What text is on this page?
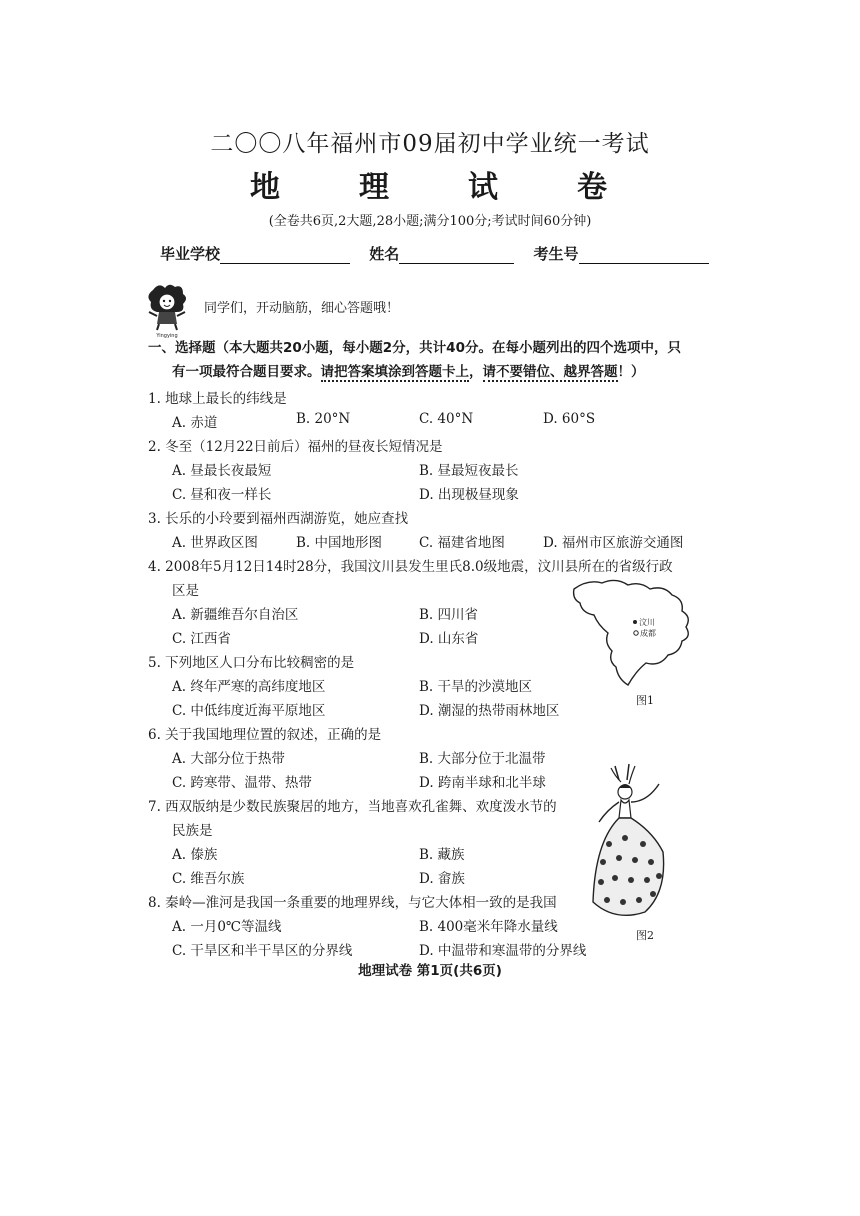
二〇〇八年福州市09届初中学业统一考试
地	理	试	卷
(全卷共6页,2大题,28小题;满分100分;考试时间60分钟)
毕业学校	姓名	考生号
Yingying
同学们，开动脑筋，细心答题哦！
一、选择题（本大题共20小题，每小题2分，共计40分。在每小题列出的四个选项中，只
有一项最符合题目要求。请把答案填涂到答题卡上，请不要错位、越界答题！）
1. 地球上最长的纬线是
A. 赤道	B. 20°N	C. 40°N	D. 60°S
2. 冬至（12月22日前后）福州的昼夜长短情况是
A. 昼最长夜最短	B. 昼最短夜最长
C. 昼和夜一样长	D. 出现极昼现象
3. 长乐的小玲要到福州西湖游览，她应查找
A. 世界政区图	B. 中国地形图	C. 福建省地图	D. 福州市区旅游交通图
4. 2008年5月12日14时28分，我国汶川县发生里氏8.0级地震，汶川县所在的省级行政
区是
A. 新疆维吾尔自治区	B. 四川省
C. 江西省	D. 山东省
汶川
成都
图1
5. 下列地区人口分布比较稠密的是
A. 终年严寒的高纬度地区	B. 干旱的沙漠地区
C. 中低纬度近海平原地区	D. 潮湿的热带雨林地区
6. 关于我国地理位置的叙述，正确的是
A. 大部分位于热带	B. 大部分位于北温带
C. 跨寒带、温带、热带	D. 跨南半球和北半球
图2
7. 西双版纳是少数民族聚居的地方，当地喜欢孔雀舞、欢度泼水节的
民族是
A. 傣族	B. 藏族
C. 维吾尔族	D. 畲族
8. 秦岭—淮河是我国一条重要的地理界线，与它大体相一致的是我国
A. 一月0℃等温线	B. 400毫米年降水量线
C. 干旱区和半干旱区的分界线	D. 中温带和寒温带的分界线
地理试卷 第1页(共6页)
